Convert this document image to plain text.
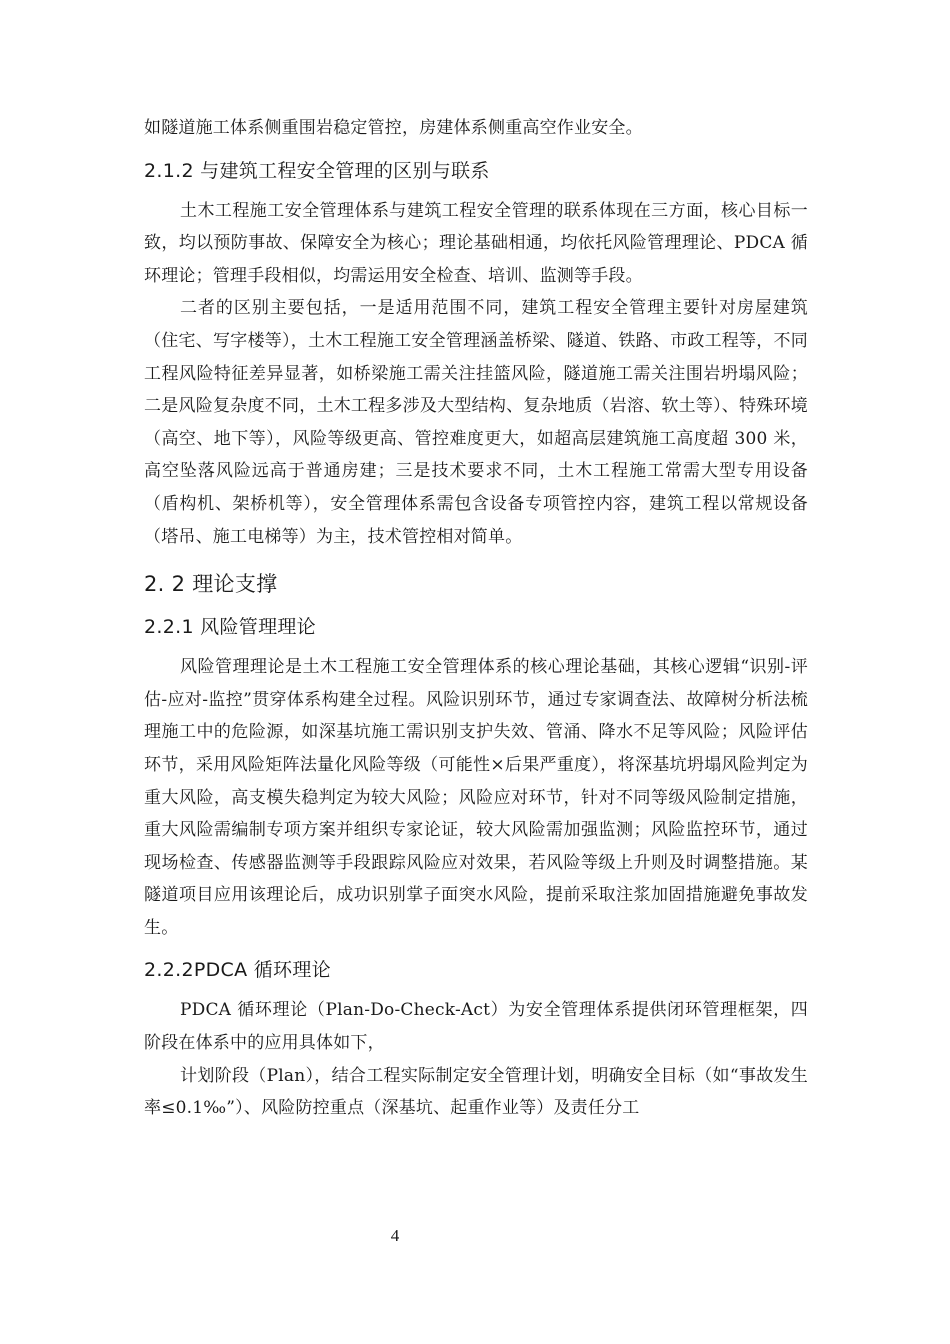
如隧道施工体系侧重围岩稳定管控，房建体系侧重高空作业安全。

2.1.2 与建筑工程安全管理的区别与联系

土木工程施工安全管理体系与建筑工程安全管理的联系体现在三方面，核心目标一致，均以预防事故、保障安全为核心；理论基础相通，均依托风险管理理论、PDCA 循环理论；管理手段相似，均需运用安全检查、培训、监测等手段。

二者的区别主要包括，一是适用范围不同，建筑工程安全管理主要针对房屋建筑（住宅、写字楼等），土木工程施工安全管理涵盖桥梁、隧道、铁路、市政工程等，不同工程风险特征差异显著，如桥梁施工需关注挂篮风险，隧道施工需关注围岩坍塌风险；二是风险复杂度不同，土木工程多涉及大型结构、复杂地质（岩溶、软土等）、特殊环境（高空、地下等），风险等级更高、管控难度更大，如超高层建筑施工高度超 300 米，高空坠落风险远高于普通房建；三是技术要求不同，土木工程施工常需大型专用设备（盾构机、架桥机等），安全管理体系需包含设备专项管控内容，建筑工程以常规设备（塔吊、施工电梯等）为主，技术管控相对简单。

2. 2 理论支撑
2.2.1 风险管理理论

风险管理理论是土木工程施工安全管理体系的核心理论基础，其核心逻辑“识别-评估-应对-监控”贯穿体系构建全过程。风险识别环节，通过专家调查法、故障树分析法梳理施工中的危险源，如深基坑施工需识别支护失效、管涌、降水不足等风险；风险评估环节，采用风险矩阵法量化风险等级（可能性×后果严重度），将深基坑坍塌风险判定为重大风险，高支模失稳判定为较大风险；风险应对环节，针对不同等级风险制定措施，重大风险需编制专项方案并组织专家论证，较大风险需加强监测；风险监控环节，通过现场检查、传感器监测等手段跟踪风险应对效果，若风险等级上升则及时调整措施。某隧道项目应用该理论后，成功识别掌子面突水风险，提前采取注浆加固措施避免事故发生。

2.2.2PDCA 循环理论

PDCA 循环理论（Plan-Do-Check-Act）为安全管理体系提供闭环管理框架，四阶段在体系中的应用具体如下，

计划阶段（Plan），结合工程实际制定安全管理计划，明确安全目标（如“事故发生率≤0.1‰”）、风险防控重点（深基坑、起重作业等）及责任分工

4
